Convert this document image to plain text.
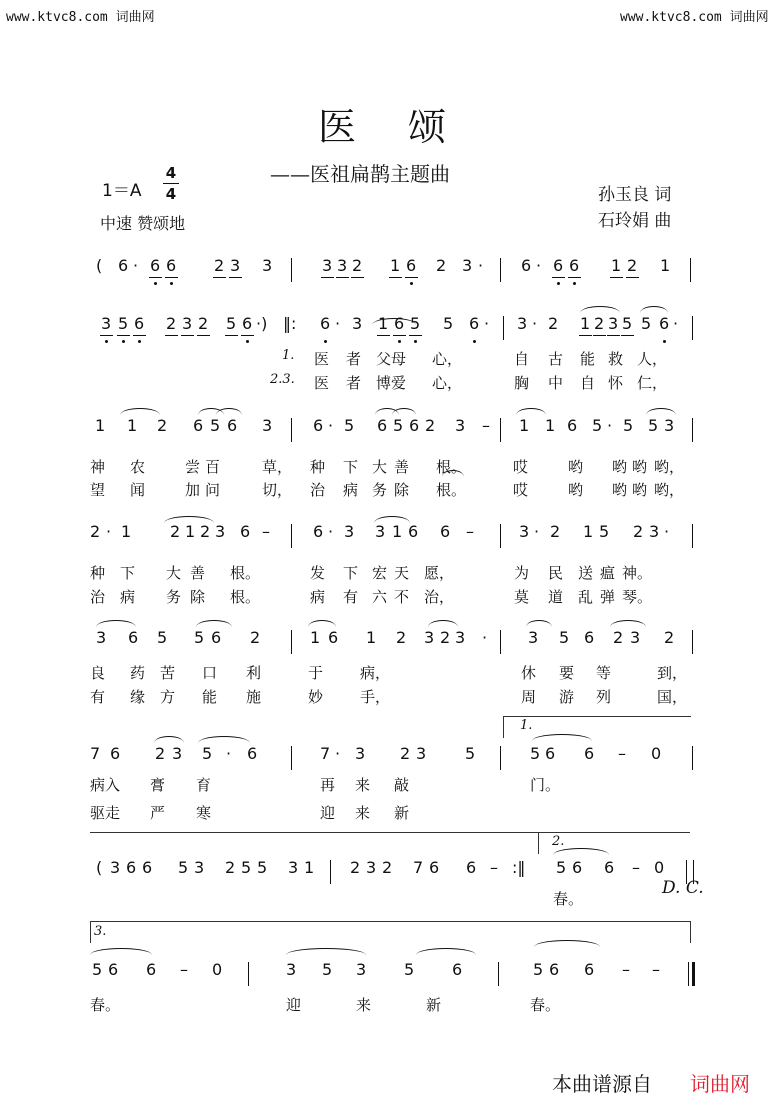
www.ktvc8.com 词曲网	www.ktvc8.com 词曲网
医颂
——医祖扁鹊主题曲
1＝A
4
4
中速 赞颂地
孙玉良 词
石玲娟 曲
( 6 · 6 6 2 3 3	3 3 2 1 6 2 3 · 6 · 6 6 1 2 1
3 5 6 2 3 2 5 6 ·) ‖: 6 · 3 1 6 5 5 6 · 3 · 2 1 2 3 5 5 6 ·
1.
2.3.
医 者 父母 心，	自 古 能 救 人，
医 者 博爱 心，	胸 中 自 怀 仁，
神 农	尝 百	草， 种 下 大 善 根。	哎	哟 哟 哟 哟，
望 闻	加 问	切， 治 病 务 除 根。	哎	哟 哟 哟 哟，
种 下 大 善 根。	发 下 宏 天 愿，	为 民 送 瘟 神。
治 病 务 除 根。	病 有 六 不 治，	莫 道 乱 弹 琴。
良 药 苦 口 利	于 病，	休 要 等	到，
有 缘 方 能 施	妙 手，	周 游 列	国，
病入 膏 育	再 来 敲	门。
驱走 严 寒	迎 来 新
春。
春。	迎	来	新	春。
1 1 2 6 5 6 3	6 · 5 6 5 6 2 3 – 1 1 6 5 · 5 5 3
2 · 1 2 1 2 3 6 –	6 · 3 3 1 6 6 –	3 · 2 1 5 2 3 ·
3 6 5 5 6 2	1 6 1 2 3 2 3 ·	3 5 6 2 3 2
7 6 2 3 5 · 6	7 · 3 2 3 5	5 6 6 – 0
( 3 6 6 5 3 2 5 5 3 1 2 3 2 7 6 6 – :‖ 5 6 6 – 0
5 6 6 – 0	3 5 3 5 6	5 6 6 – –
1.
2.
3.
D. C.
本曲谱源自 词曲网
